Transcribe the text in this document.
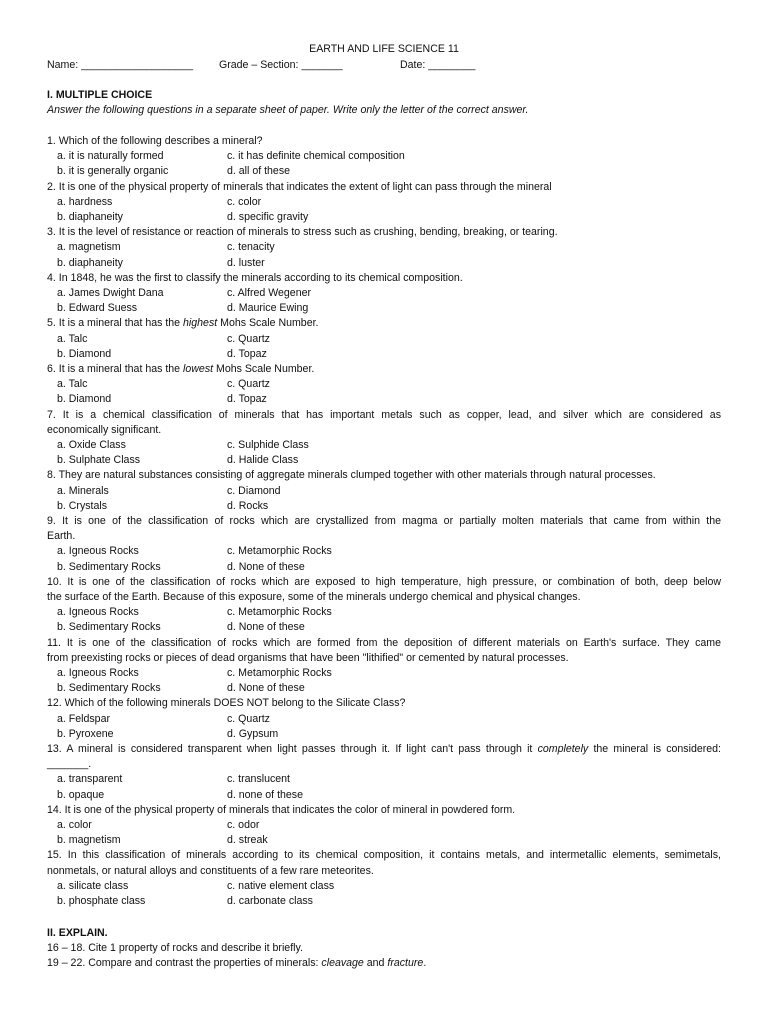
EARTH AND LIFE SCIENCE 11
Name: ___________________ Grade – Section: _______	Date: ________
I. MULTIPLE CHOICE
Answer the following questions in a separate sheet of paper. Write only the letter of the correct answer.
1. Which of the following describes a mineral?
a. it is naturally formed	c. it has definite chemical composition
b. it is generally organic	d. all of these
2. It is one of the physical property of minerals that indicates the extent of light can pass through the mineral
a. hardness	c. color
b. diaphaneity	d. specific gravity
3. It is the level of resistance or reaction of minerals to stress such as crushing, bending, breaking, or tearing.
a. magnetism	c. tenacity
b. diaphaneity	d. luster
4. In 1848, he was the first to classify the minerals according to its chemical composition.
a. James Dwight Dana	c. Alfred Wegener
b. Edward Suess	d. Maurice Ewing
5. It is a mineral that has the highest Mohs Scale Number.
a. Talc	c. Quartz
b. Diamond	d. Topaz
6. It is a mineral that has the lowest Mohs Scale Number.
a. Talc	c. Quartz
b. Diamond	d. Topaz
7. It is a chemical classification of minerals that has important metals such as copper, lead, and silver which are considered as
economically significant.
a. Oxide Class	c. Sulphide Class
b. Sulphate Class	d. Halide Class
8. They are natural substances consisting of aggregate minerals clumped together with other materials through natural processes.
a. Minerals	c. Diamond
b. Crystals	d. Rocks
9. It is one of the classification of rocks which are crystallized from magma or partially molten materials that came from within the
Earth.
a. Igneous Rocks	c. Metamorphic Rocks
b. Sedimentary Rocks	d. None of these
10. It is one of the classification of rocks which are exposed to high temperature, high pressure, or combination of both, deep below
the surface of the Earth. Because of this exposure, some of the minerals undergo chemical and physical changes.
a. Igneous Rocks	c. Metamorphic Rocks
b. Sedimentary Rocks	d. None of these
11. It is one of the classification of rocks which are formed from the deposition of different materials on Earth's surface. They came
from preexisting rocks or pieces of dead organisms that have been "lithified" or cemented by natural processes.
a. Igneous Rocks	c. Metamorphic Rocks
b. Sedimentary Rocks	d. None of these
12. Which of the following minerals DOES NOT belong to the Silicate Class?
a. Feldspar	c. Quartz
b. Pyroxene	d. Gypsum
13. A mineral is considered transparent when light passes through it. If light can't pass through it completely the mineral is considered:
_______.
a. transparent	c. translucent
b. opaque	d. none of these
14. It is one of the physical property of minerals that indicates the color of mineral in powdered form.
a. color	c. odor
b. magnetism	d. streak
15. In this classification of minerals according to its chemical composition, it contains metals, and intermetallic elements, semimetals,
nonmetals, or natural alloys and constituents of a few rare meteorites.
a. silicate class	c. native element class
b. phosphate class	d. carbonate class
II. EXPLAIN.
16 – 18. Cite 1 property of rocks and describe it briefly.
19 – 22. Compare and contrast the properties of minerals: cleavage and fracture.
